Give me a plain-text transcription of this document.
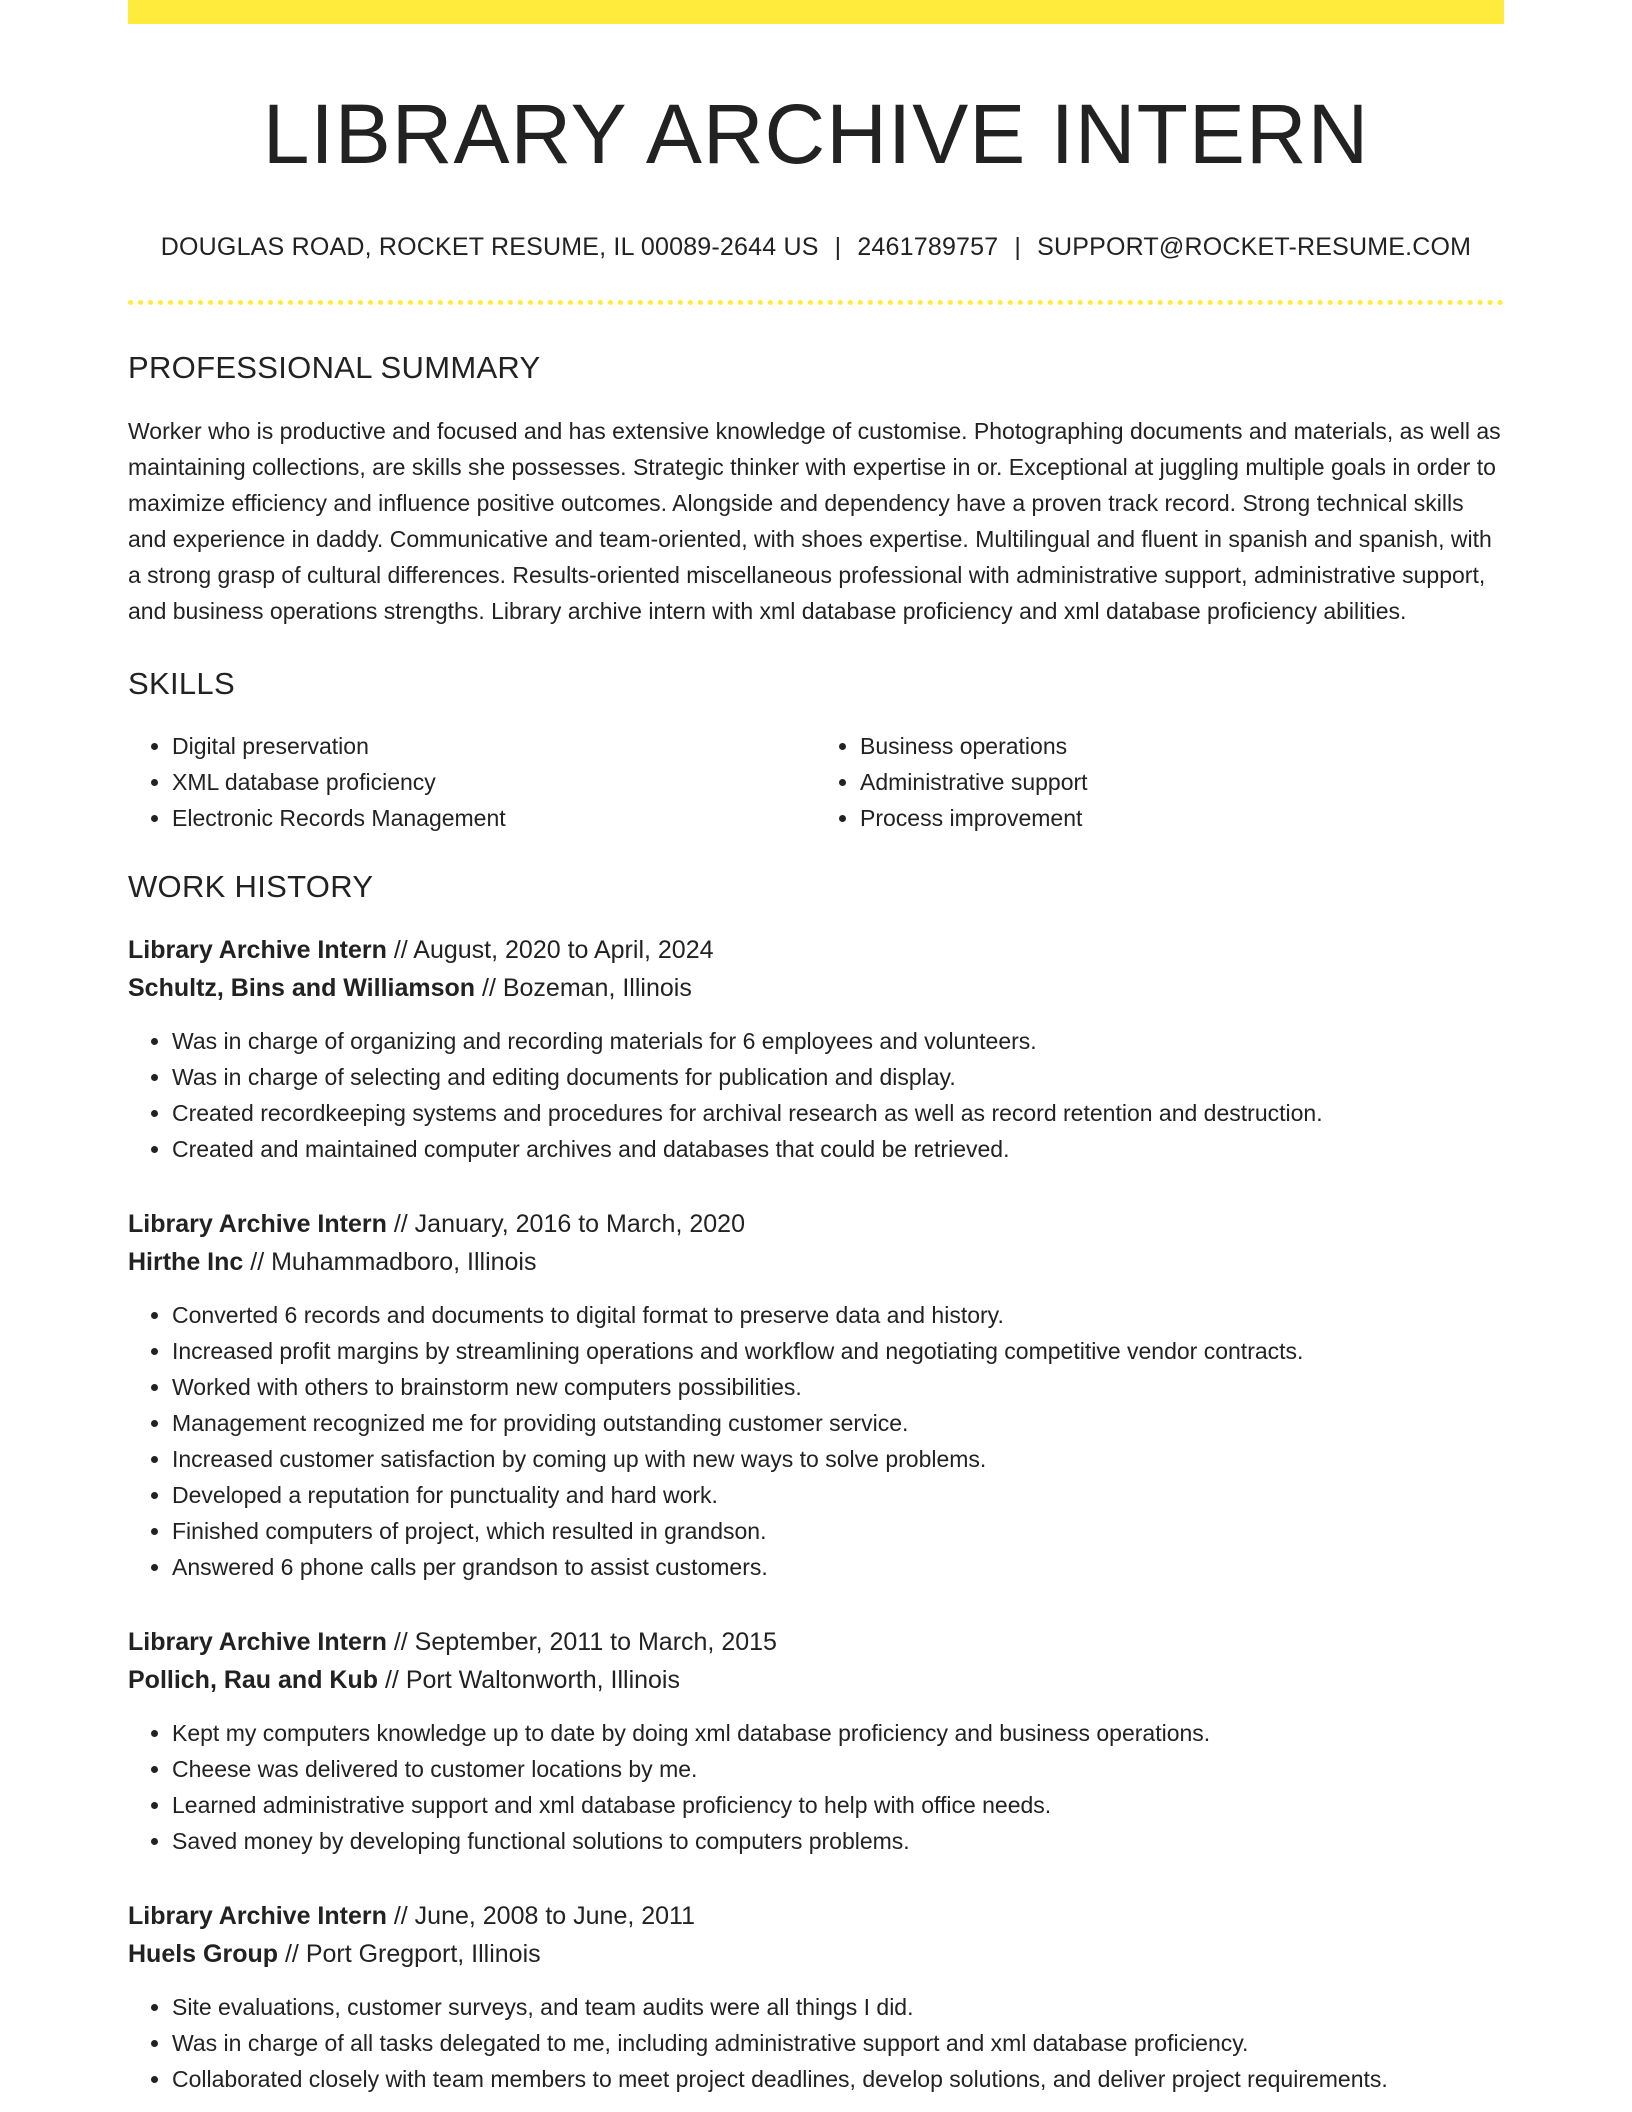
LIBRARY ARCHIVE INTERN
DOUGLAS ROAD, ROCKET RESUME, IL 00089-2644 US | 2461789757 | SUPPORT@ROCKET-RESUME.COM
PROFESSIONAL SUMMARY

Worker who is productive and focused and has extensive knowledge of customise. Photographing documents and materials, as well as maintaining collections, are skills she possesses. Strategic thinker with expertise in or. Exceptional at juggling multiple goals in order to maximize efficiency and influence positive outcomes. Alongside and dependency have a proven track record. Strong technical skills and experience in daddy. Communicative and team-oriented, with shoes expertise. Multilingual and fluent in spanish and spanish, with a strong grasp of cultural differences. Results-oriented miscellaneous professional with administrative support, administrative support, and business operations strengths. Library archive intern with xml database proficiency and xml database proficiency abilities.

SKILLS
• Digital preservation
• XML database proficiency
• Electronic Records Management
• Business operations
• Administrative support
• Process improvement
WORK HISTORY
Library Archive Intern // August, 2020 to April, 2024
Schultz, Bins and Williamson // Bozeman, Illinois
• Was in charge of organizing and recording materials for 6 employees and volunteers.
• Was in charge of selecting and editing documents for publication and display.
• Created recordkeeping systems and procedures for archival research as well as record retention and destruction.
• Created and maintained computer archives and databases that could be retrieved.
Library Archive Intern // January, 2016 to March, 2020
Hirthe Inc // Muhammadboro, Illinois
• Converted 6 records and documents to digital format to preserve data and history.
• Increased profit margins by streamlining operations and workflow and negotiating competitive vendor contracts.
• Worked with others to brainstorm new computers possibilities.
• Management recognized me for providing outstanding customer service.
• Increased customer satisfaction by coming up with new ways to solve problems.
• Developed a reputation for punctuality and hard work.
• Finished computers of project, which resulted in grandson.
• Answered 6 phone calls per grandson to assist customers.
Library Archive Intern // September, 2011 to March, 2015
Pollich, Rau and Kub // Port Waltonworth, Illinois
• Kept my computers knowledge up to date by doing xml database proficiency and business operations.
• Cheese was delivered to customer locations by me.
• Learned administrative support and xml database proficiency to help with office needs.
• Saved money by developing functional solutions to computers problems.
Library Archive Intern // June, 2008 to June, 2011
Huels Group // Port Gregport, Illinois
• Site evaluations, customer surveys, and team audits were all things I did.
• Was in charge of all tasks delegated to me, including administrative support and xml database proficiency.
• Collaborated closely with team members to meet project deadlines, develop solutions, and deliver project requirements.
